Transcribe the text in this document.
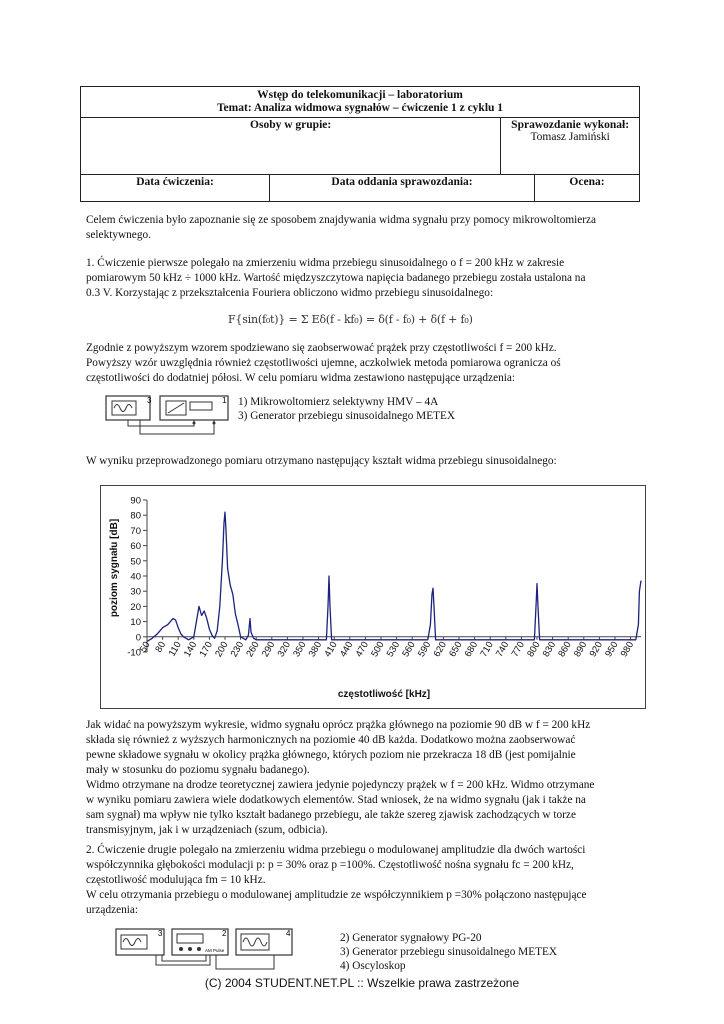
Wstęp do telekomunikacji – laboratorium
Temat: Analiza widmowa sygnałów – ćwiczenie 1 z cyklu 1			

Osoby w grupie:		Sprawozdanie wykonał:
Tomasz Jamiński	

Data ćwiczenia:	Data oddania sprawozdania:		Ocena:
Celem ćwiczenia było zapoznanie się ze sposobem znajdywania widma sygnału przy pomocy mikrowoltomierza
selektywnego.
1. Ćwiczenie pierwsze polegało na zmierzeniu widma przebiegu sinusoidalnego o f = 200 kHz w zakresie
pomiarowym 50 kHz ÷ 1000 kHz. Wartość międzyszczytowa napięcia badanego przebiegu została ustalona na
0.3 V. Korzystając z przekształcenia Fouriera obliczono widmo przebiegu sinusoidalnego:
F{sin(f₀t)} = Σ Eδ(f - kf₀) = δ(f - f₀) + δ(f + f₀)
Zgodnie z powyższym wzorem spodziewano się zaobserwować prążek przy częstotliwości f = 200 kHz.
Powyższy wzór uwzględnia również częstotliwości ujemne, aczkolwiek metoda pomiarowa ogranicza oś
częstotliwości do dodatniej półosi. W celu pomiaru widma zestawiono następujące urządzenia:
3	1 1) Mikrowoltomierz selektywny HMV – 4A
3) Generator przebiegu sinusoidalnego METEX
W wyniku przeprowadzonego pomiaru otrzymano następujący kształt widma przebiegu sinusoidalnego:
-10
0
10
20
30
40
50
60
70
80
90
50 80
110
140
170
200
230
260
290
320
350
380
410
440
470
500
530
560
590
620
650
680
710
740
770
800
830
860
890
920
950
980
częstotliwość [kHz]
poziom sygnału [dB]
Jak widać na powyższym wykresie, widmo sygnału oprócz prążka głównego na poziomie 90 dB w f = 200 kHz
składa się również z wyższych harmonicznych na poziomie 40 dB każda. Dodatkowo można zaobserwować
pewne składowe sygnału w okolicy prążka głównego, których poziom nie przekracza 18 dB (jest pomijalnie
mały w stosunku do poziomu sygnału badanego).
Widmo otrzymane na drodze teoretycznej zawiera jedynie pojedynczy prążek w f = 200 kHz. Widmo otrzymane
w wyniku pomiaru zawiera wiele dodatkowych elementów. Stad wniosek, że na widmo sygnału (jak i także na
sam sygnał) ma wpływ nie tylko kształt badanego przebiegu, ale także szereg zjawisk zachodzących w torze
transmisyjnym, jak i w urządzeniach (szum, odbicia).
2. Ćwiczenie drugie polegało na zmierzeniu widma przebiegu o modulowanej amplitudzie dla dwóch wartości
współczynnika głębokości modulacji p: p = 30% oraz p =100%. Częstotliwość nośna sygnału fc = 200 kHz,
częstotliwość modulująca fm = 10 kHz.
W celu otrzymania przebiegu o modulowanej amplitudzie ze współczynnikiem p =30% połączono następujące
urządzenia:
3	2
AM Pulse
4	2) Generator sygnałowy PG-20
3) Generator przebiegu sinusoidalnego METEX
4) Oscyloskop
(C) 2004 STUDENT.NET.PL :: Wszelkie prawa zastrzeżone
